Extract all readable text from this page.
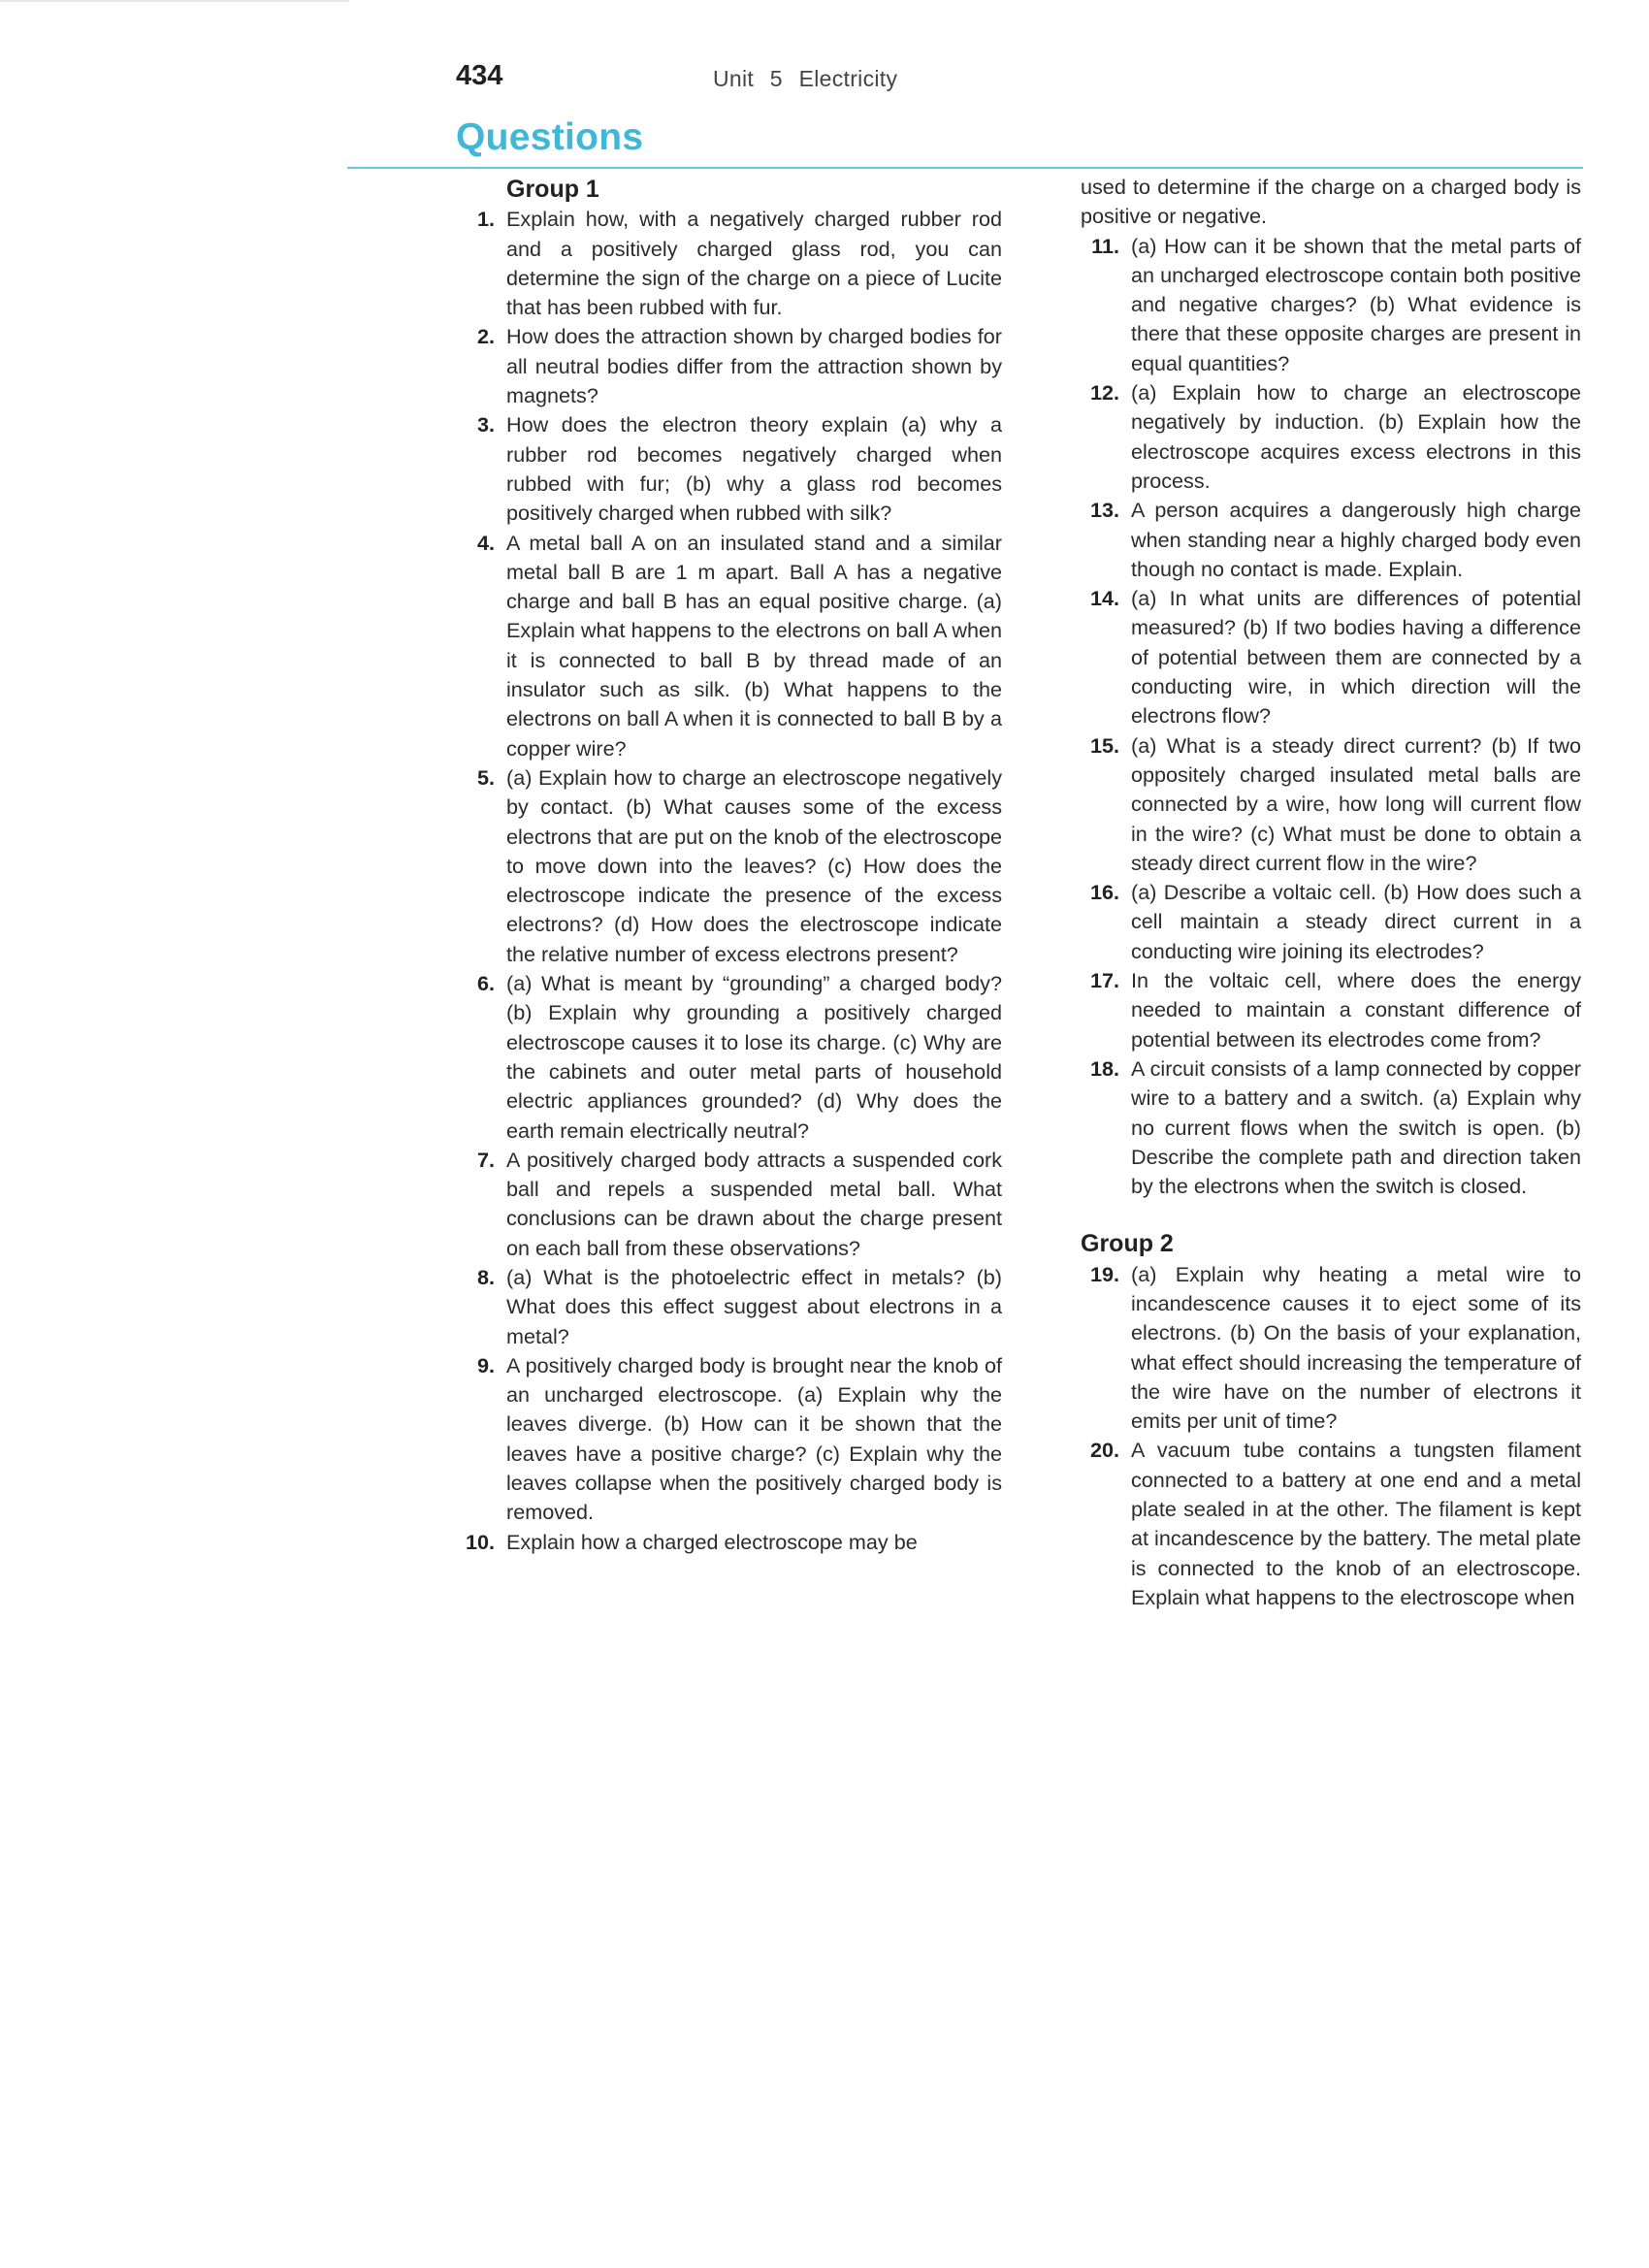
434	Unit 5 Electricity
Questions
Group 1
1. Explain how, with a negatively charged rubber rod and a positively charged glass rod, you can determine the sign of the charge on a piece of Lucite that has been rubbed with fur.
2. How does the attraction shown by charged bodies for all neutral bodies differ from the attraction shown by magnets?
3. How does the electron theory explain (a) why a rubber rod becomes negatively charged when rubbed with fur; (b) why a glass rod becomes positively charged when rubbed with silk?
4. A metal ball A on an insulated stand and a similar metal ball B are 1 m apart. Ball A has a negative charge and ball B has an equal positive charge. (a) Explain what happens to the electrons on ball A when it is connected to ball B by thread made of an insulator such as silk. (b) What happens to the electrons on ball A when it is connected to ball B by a copper wire?
5. (a) Explain how to charge an electroscope negatively by contact. (b) What causes some of the excess electrons that are put on the knob of the electroscope to move down into the leaves? (c) How does the electroscope indicate the presence of the excess electrons? (d) How does the electroscope indicate the relative number of excess electrons present?
6. (a) What is meant by “grounding” a charged body? (b) Explain why grounding a positively charged electroscope causes it to lose its charge. (c) Why are the cabinets and outer metal parts of household electric appliances grounded? (d) Why does the earth remain electrically neutral?
7. A positively charged body attracts a suspended cork ball and repels a suspended metal ball. What conclusions can be drawn about the charge present on each ball from these observations?
8. (a) What is the photoelectric effect in metals? (b) What does this effect suggest about electrons in a metal?
9. A positively charged body is brought near the knob of an uncharged electroscope. (a) Explain why the leaves diverge. (b) How can it be shown that the leaves have a positive charge? (c) Explain why the leaves collapse when the positively charged body is removed.
10. Explain how a charged electroscope may be

used to determine if the charge on a charged body is positive or negative.

11. (a) How can it be shown that the metal parts of an uncharged electroscope contain both positive and negative charges? (b) What evidence is there that these opposite charges are present in equal quantities?
12. (a) Explain how to charge an electroscope negatively by induction. (b) Explain how the electroscope acquires excess electrons in this process.
13. A person acquires a dangerously high charge when standing near a highly charged body even though no contact is made. Explain.
14. (a) In what units are differences of potential measured? (b) If two bodies having a difference of potential between them are connected by a conducting wire, in which direction will the electrons flow?
15. (a) What is a steady direct current? (b) If two oppositely charged insulated metal balls are connected by a wire, how long will current flow in the wire? (c) What must be done to obtain a steady direct current flow in the wire?
16. (a) Describe a voltaic cell. (b) How does such a cell maintain a steady direct current in a conducting wire joining its electrodes?
17. In the voltaic cell, where does the energy needed to maintain a constant difference of potential between its electrodes come from?
18. A circuit consists of a lamp connected by copper wire to a battery and a switch. (a) Explain why no current flows when the switch is open. (b) Describe the complete path and direction taken by the electrons when the switch is closed.
Group 2
19. (a) Explain why heating a metal wire to incandescence causes it to eject some of its electrons. (b) On the basis of your explanation, what effect should increasing the temperature of the wire have on the number of electrons it emits per unit of time?
20. A vacuum tube contains a tungsten filament connected to a battery at one end and a metal plate sealed in at the other. The filament is kept at incandescence by the battery. The metal plate is connected to the knob of an electroscope. Explain what happens to the electroscope when
